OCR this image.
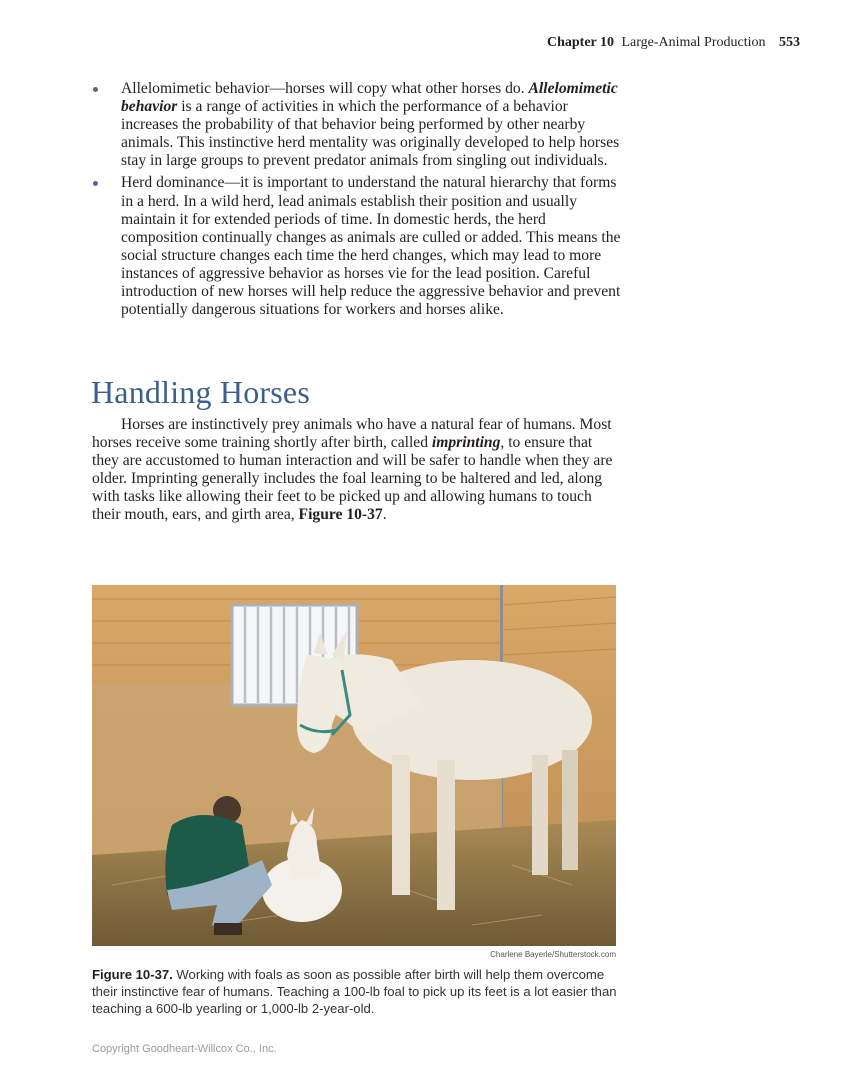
Chapter 10 Large-Animal Production 553
Allelomimetic behavior—horses will copy what other horses do. Allelomimetic behavior is a range of activities in which the performance of a behavior increases the probability of that behavior being performed by other nearby animals. This instinctive herd mentality was originally developed to help horses stay in large groups to prevent predator animals from singling out individuals.
Herd dominance—it is important to understand the natural hierarchy that forms in a herd. In a wild herd, lead animals establish their position and usually maintain it for extended periods of time. In domestic herds, the herd composition continually changes as animals are culled or added. This means the social structure changes each time the herd changes, which may lead to more instances of aggressive behavior as horses vie for the lead position. Careful introduction of new horses will help reduce the aggressive behavior and prevent potentially dangerous situations for workers and horses alike.
Handling Horses

Horses are instinctively prey animals who have a natural fear of humans. Most horses receive some training shortly after birth, called imprinting, to ensure that they are accustomed to human interaction and will be safer to handle when they are older. Imprinting generally includes the foal learning to be haltered and led, along with tasks like allowing their feet to be picked up and allowing humans to touch their mouth, ears, and girth area, Figure 10-37.

Charlene Bayerle/Shutterstock.com

Figure 10-37. Working with foals as soon as possible after birth will help them overcome their instinctive fear of humans. Teaching a 100-lb foal to pick up its feet is a lot easier than teaching a 600-lb yearling or 1,000-lb 2-year-old.

Copyright Goodheart-Willcox Co., Inc.
